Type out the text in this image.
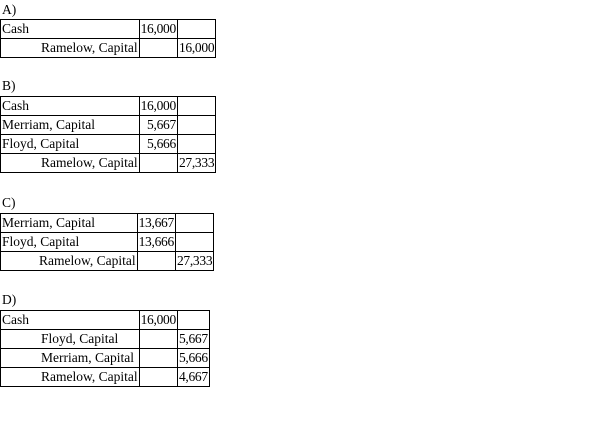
A)
Cash	16,000	
Ramelow, Capital		16,000
B)
Cash	16,000	
Merriam, Capital	5,667	
Floyd, Capital	5,666	
Ramelow, Capital		27,333
C)
Merriam, Capital	13,667	
Floyd, Capital	13,666	
Ramelow, Capital		27,333
D)
Cash	16,000	
Floyd, Capital		5,667
Merriam, Capital		5,666
Ramelow, Capital		4,667
